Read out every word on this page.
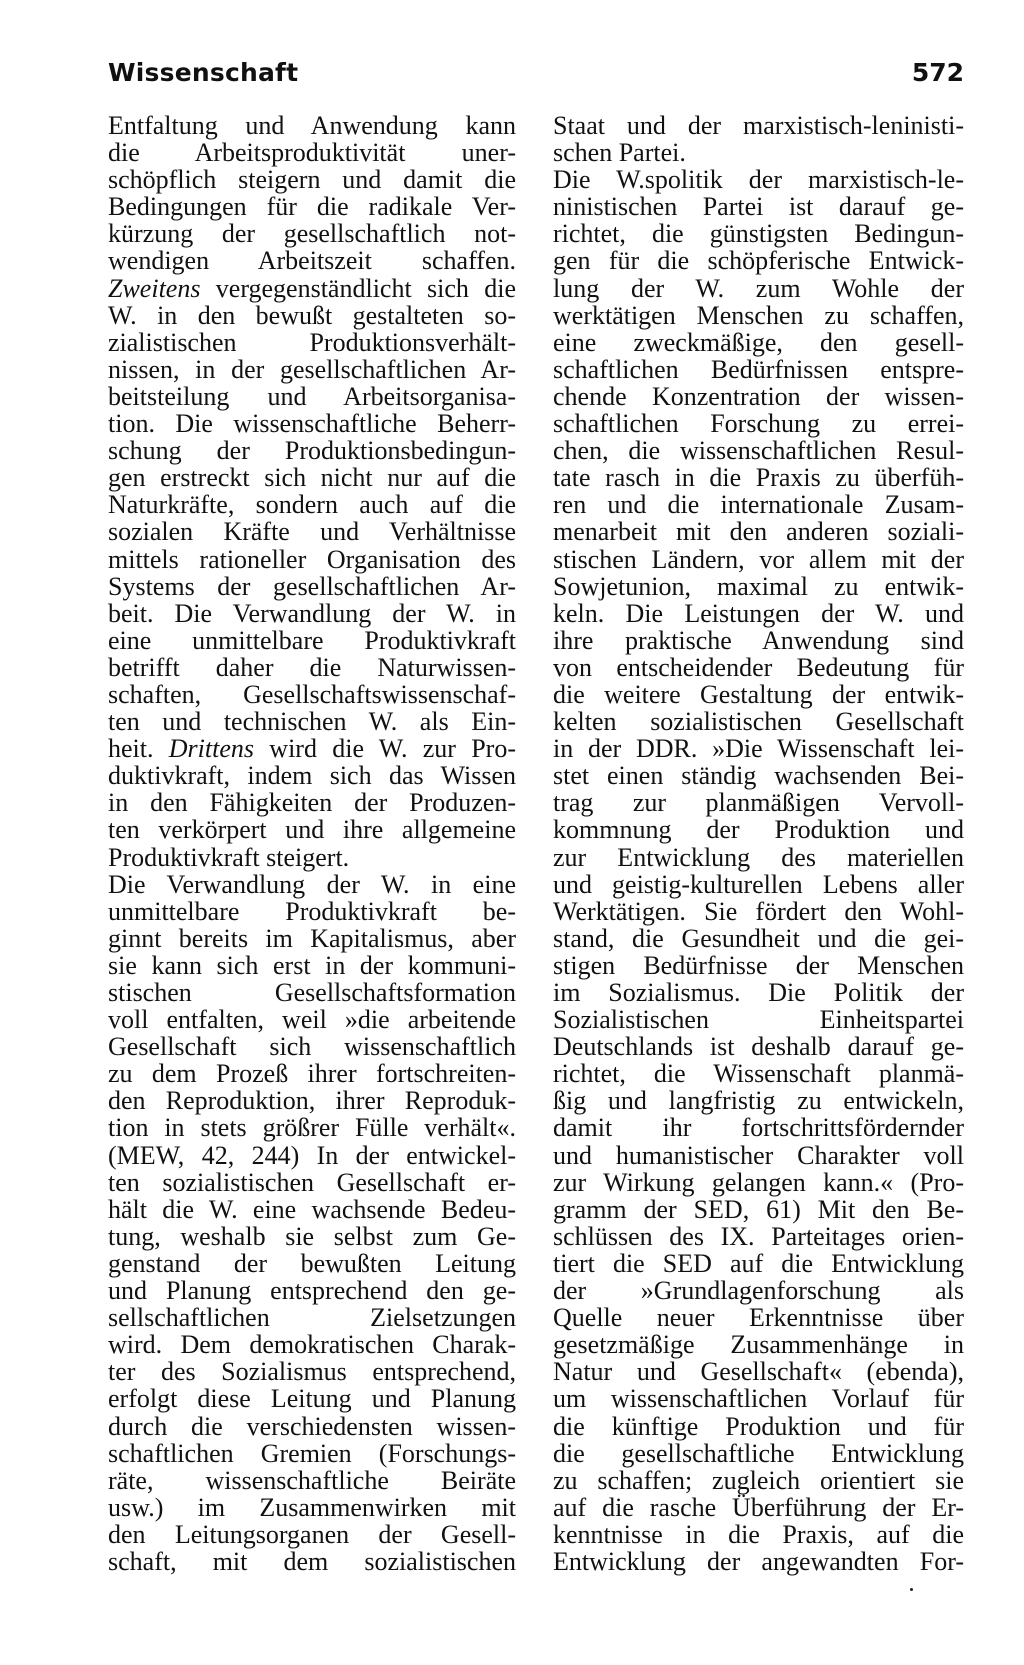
Wissenschaft	572
Entfaltung und Anwendung kann
die Arbeitsproduktivität uner-
schöpflich steigern und damit die
Bedingungen für die radikale Ver-
kürzung der gesellschaftlich not-
wendigen Arbeitszeit schaffen.
Zweitens vergegenständlicht sich die
W. in den bewußt gestalteten so-
zialistischen Produktionsverhält-
nissen, in der gesellschaftlichen Ar-
beitsteilung und Arbeitsorganisa-
tion. Die wissenschaftliche Beherr-
schung der Produktionsbedingun-
gen erstreckt sich nicht nur auf die
Naturkräfte, sondern auch auf die
sozialen Kräfte und Verhältnisse
mittels rationeller Organisation des
Systems der gesellschaftlichen Ar-
beit. Die Verwandlung der W. in
eine unmittelbare Produktivkraft
betrifft daher die Naturwissen-
schaften, Gesellschaftswissenschaf-
ten und technischen W. als Ein-
heit. Drittens wird die W. zur Pro-
duktivkraft, indem sich das Wissen
in den Fähigkeiten der Produzen-
ten verkörpert und ihre allgemeine
Produktivkraft steigert.
Die Verwandlung der W. in eine
unmittelbare Produktivkraft be-
ginnt bereits im Kapitalismus, aber
sie kann sich erst in der kommuni-
stischen Gesellschaftsformation
voll entfalten, weil »die arbeitende
Gesellschaft sich wissenschaftlich
zu dem Prozeß ihrer fortschreiten-
den Reproduktion, ihrer Reproduk-
tion in stets größrer Fülle verhält«.
(MEW, 42, 244) In der entwickel-
ten sozialistischen Gesellschaft er-
hält die W. eine wachsende Bedeu-
tung, weshalb sie selbst zum Ge-
genstand der bewußten Leitung
und Planung entsprechend den ge-
sellschaftlichen Zielsetzungen
wird. Dem demokratischen Charak-
ter des Sozialismus entsprechend,
erfolgt diese Leitung und Planung
durch die verschiedensten wissen-
schaftlichen Gremien (Forschungs-
räte, wissenschaftliche Beiräte
usw.) im Zusammenwirken mit
den Leitungsorganen der Gesell-
schaft, mit dem sozialistischen
Staat und der marxistisch-leninisti-
schen Partei.
Die W.spolitik der marxistisch-le-
ninistischen Partei ist darauf ge-
richtet, die günstigsten Bedingun-
gen für die schöpferische Entwick-
lung der W. zum Wohle der
werktätigen Menschen zu schaffen,
eine zweckmäßige, den gesell-
schaftlichen Bedürfnissen entspre-
chende Konzentration der wissen-
schaftlichen Forschung zu errei-
chen, die wissenschaftlichen Resul-
tate rasch in die Praxis zu überfüh-
ren und die internationale Zusam-
menarbeit mit den anderen soziali-
stischen Ländern, vor allem mit der
Sowjetunion, maximal zu entwik-
keln. Die Leistungen der W. und
ihre praktische Anwendung sind
von entscheidender Bedeutung für
die weitere Gestaltung der entwik-
kelten sozialistischen Gesellschaft
in der DDR. »Die Wissenschaft lei-
stet einen ständig wachsenden Bei-
trag zur planmäßigen Vervoll-
kommnung der Produktion und
zur Entwicklung des materiellen
und geistig-kulturellen Lebens aller
Werktätigen. Sie fördert den Wohl-
stand, die Gesundheit und die gei-
stigen Bedürfnisse der Menschen
im Sozialismus. Die Politik der
Sozialistischen Einheitspartei
Deutschlands ist deshalb darauf ge-
richtet, die Wissenschaft planmä-
ßig und langfristig zu entwickeln,
damit ihr fortschrittsfördernder
und humanistischer Charakter voll
zur Wirkung gelangen kann.« (Pro-
gramm der SED, 61) Mit den Be-
schlüssen des IX. Parteitages orien-
tiert die SED auf die Entwicklung
der »Grundlagenforschung als
Quelle neuer Erkenntnisse über
gesetzmäßige Zusammenhänge in
Natur und Gesellschaft« (ebenda),
um wissenschaftlichen Vorlauf für
die künftige Produktion und für
die gesellschaftliche Entwicklung
zu schaffen; zugleich orientiert sie
auf die rasche Überführung der Er-
kenntnisse in die Praxis, auf die
Entwicklung der angewandten For-
